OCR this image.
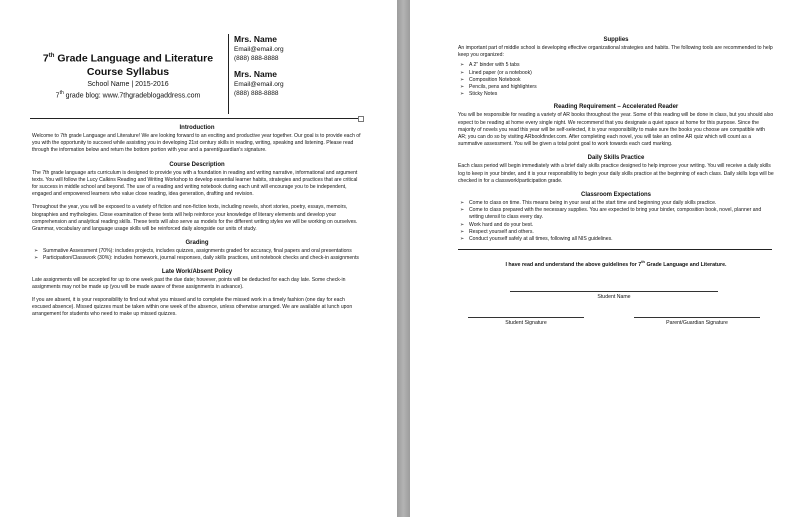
7th Grade Language and Literature
Course Syllabus
School Name | 2015-2016
7th grade blog: www.7thgradeblogaddress.com
Mrs. Name
Email@email.org
(888) 888-8888
Mrs. Name
Email@email.org
(888) 888-8888
Introduction

Welcome to 7th grade Language and Literature! We are looking forward to an exciting and productive year together. Our goal is to provide each of you with the opportunity to succeed while assisting you in developing 21st century skills in reading, writing, speaking and listening. Please read through the information below and return the bottom portion with your and a parent/guardian's signature.

Course Description

The 7th grade language arts curriculum is designed to provide you with a foundation in reading and writing narrative, informational and argument texts. You will follow the Lucy Calkins Reading and Writing Workshop to develop essential learner habits, strategies and practices that are critical for success in middle school and beyond. The use of a reading and writing notebook during each unit will encourage you to be independent, engaged and empowered learners who value close reading, idea generation, drafting and revision.

Throughout the year, you will be exposed to a variety of fiction and non-fiction texts, including novels, short stories, poetry, essays, memoirs, biographies and mythologies. Close examination of these texts will help reinforce your knowledge of literary elements and develop your comprehension and analytical reading skills. These texts will also serve as models for the different writing styles we will be working on ourselves. Grammar, vocabulary and language usage skills will be reinforced daily alongside our units of study.

Grading
➢ Summative Assessment (70%): includes projects, includes quizzes, assignments graded for accuracy, final papers and oral presentations
➢ Participation/Classwork (30%): includes homework, journal responses, daily skills practices, unit notebook checks and check-in assignments
Late Work/Absent Policy

Late assignments will be accepted for up to one week past the due date; however, points will be deducted for each day late. Some check-in assignments may not be made up (you will be made aware of these assignments in advance).

If you are absent, it is your responsibility to find out what you missed and to complete the missed work in a timely fashion (one day for each excused absence). Missed quizzes must be taken within one week of the absence, unless otherwise arranged. We are available at lunch upon arrangement for students who need to make up missed quizzes.

Supplies

An important part of middle school is developing effective organizational strategies and habits. The following tools are recommended to help keep you organized:

➢ A 2" binder with 5 tabs
➢ Lined paper (or a notebook)
➢ Composition Notebook
➢ Pencils, pens and highlighters
➢ Sticky Notes
Reading Requirement – Accelerated Reader

You will be responsible for reading a variety of AR books throughout the year. Some of this reading will be done in class, but you should also expect to be reading at home every single night. We recommend that you designate a quiet space at home for this purpose. Since the majority of novels you read this year will be self-selected, it is your responsibility to make sure the books you choose are compatible with AR; you can do so by visiting ARbookfinder.com. After completing each novel, you will take an online AR quiz which will count as a summative assessment. You will be given a total point goal to work towards each card marking.

Daily Skills Practice

Each class period will begin immediately with a brief daily skills practice designed to help improve your writing. You will receive a daily skills log to keep in your binder, and it is your responsibility to begin your daily skills practice at the beginning of each class. Daily skills logs will be checked in for a classwork/participation grade.

Classroom Expectations
➢ Come to class on time. This means being in your seat at the start time and beginning your daily skills practice.
➢ Come to class prepared with the necessary supplies. You are expected to bring your binder, composition book, novel, planner and writing utensil to class every day.
➢ Work hard and do your best.
➢ Respect yourself and others.
➢ Conduct yourself safely at all times, following all NIS guidelines.
I have read and understand the above guidelines for 7th Grade Language and Literature.
Student Name
Student Signature	Parent/Guardian Signature
